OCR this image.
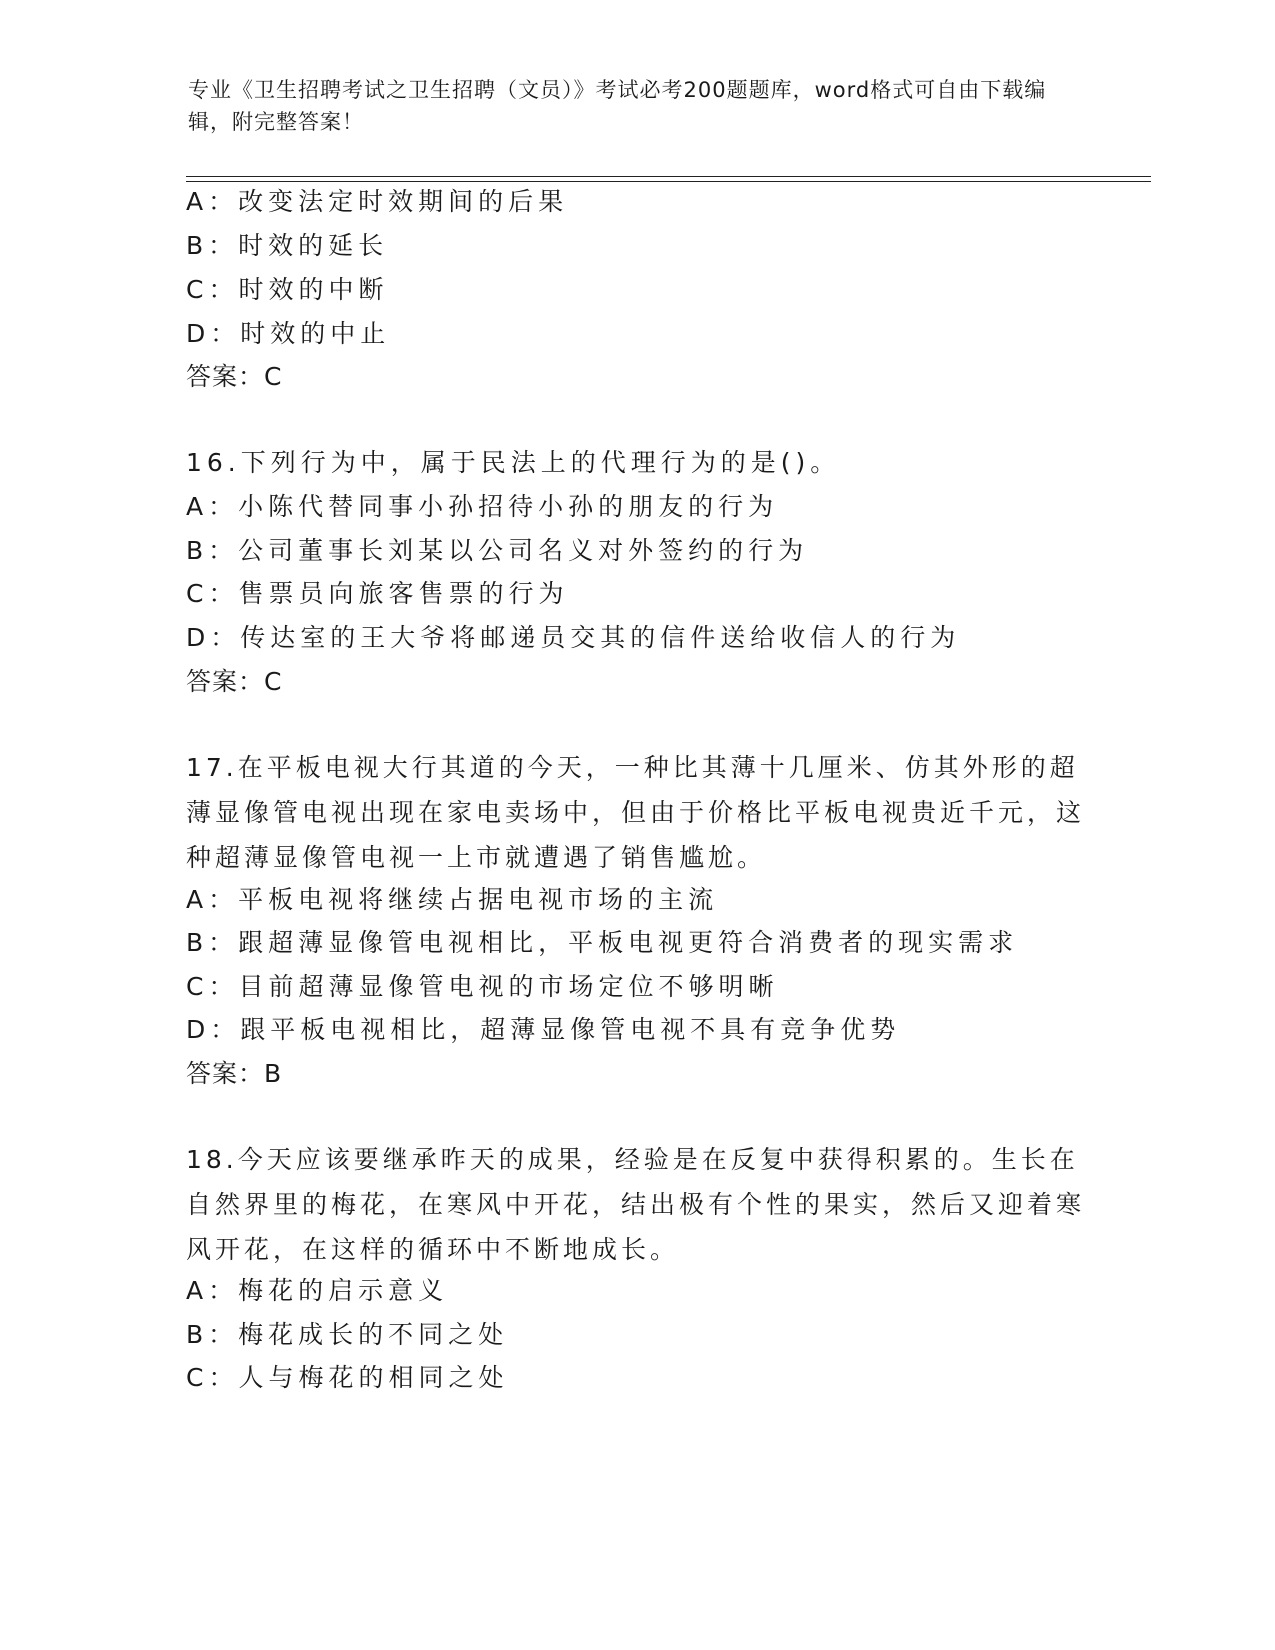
专业《卫生招聘考试之卫生招聘（文员）》考试必考200题题库，word格式可自由下载编辑，附完整答案！
A：改变法定时效期间的后果
B：时效的延长
C：时效的中断
D：时效的中止
答案：C
16.下列行为中，属于民法上的代理行为的是()。
A：小陈代替同事小孙招待小孙的朋友的行为
B：公司董事长刘某以公司名义对外签约的行为
C：售票员向旅客售票的行为
D：传达室的王大爷将邮递员交其的信件送给收信人的行为
答案：C
17.在平板电视大行其道的今天，一种比其薄十几厘米、仿其外形的超薄显像管电视出现在家电卖场中，但由于价格比平板电视贵近千元，这种超薄显像管电视一上市就遭遇了销售尴尬。
A：平板电视将继续占据电视市场的主流
B：跟超薄显像管电视相比，平板电视更符合消费者的现实需求
C：目前超薄显像管电视的市场定位不够明晰
D：跟平板电视相比，超薄显像管电视不具有竞争优势
答案：B
18.今天应该要继承昨天的成果，经验是在反复中获得积累的。生长在自然界里的梅花，在寒风中开花，结出极有个性的果实，然后又迎着寒风开花，在这样的循环中不断地成长。
A：梅花的启示意义
B：梅花成长的不同之处
C：人与梅花的相同之处
